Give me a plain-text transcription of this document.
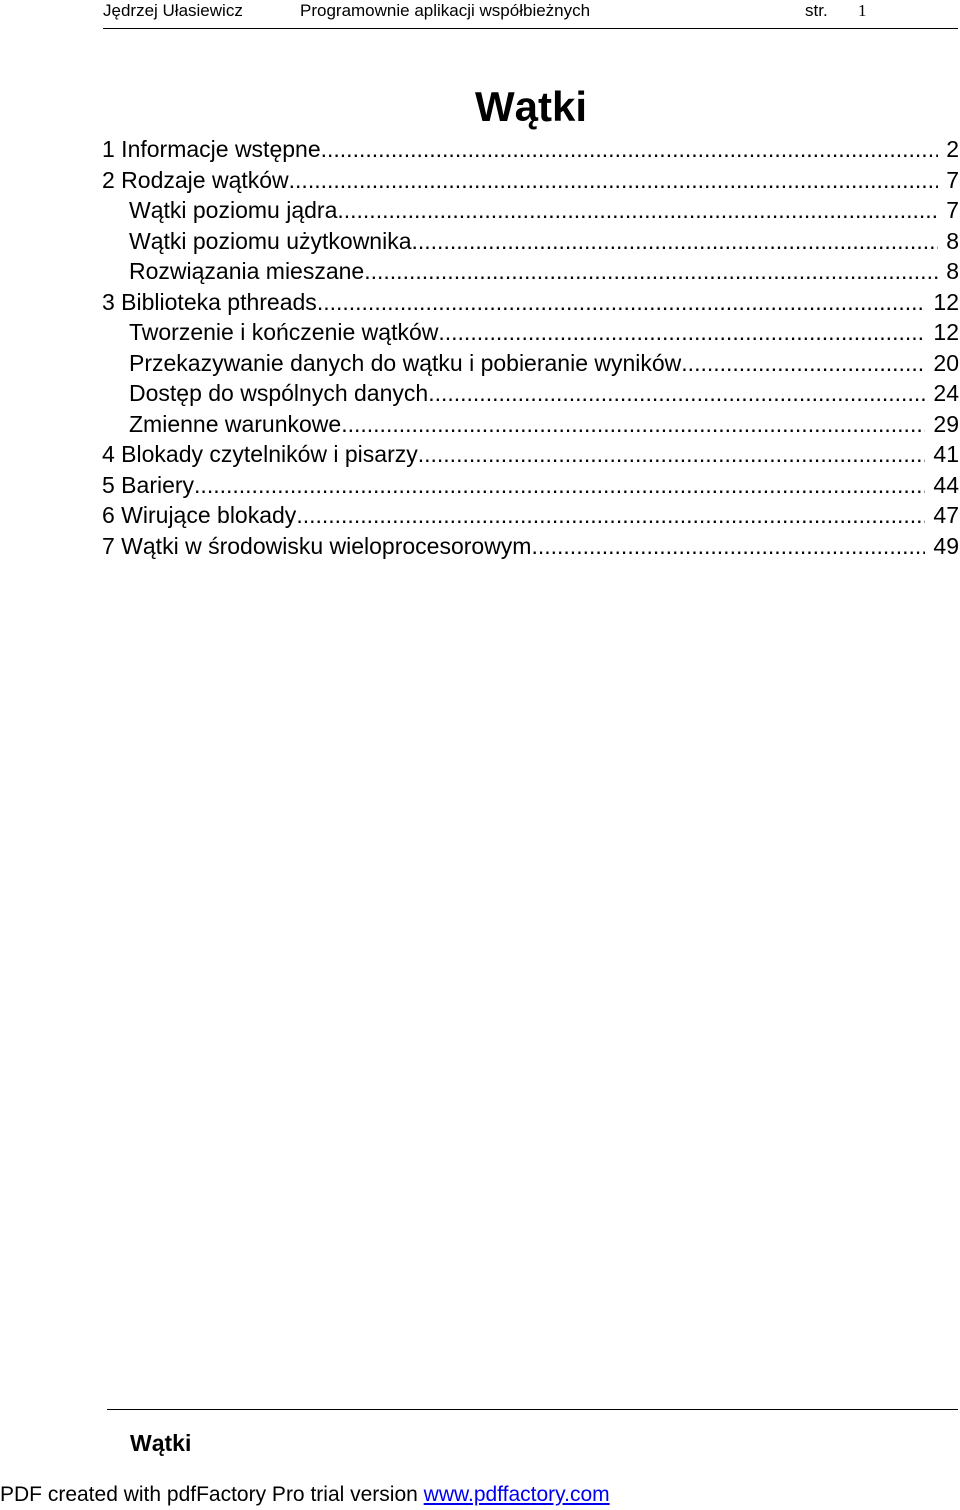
Jędrzej Ułasiewicz	Programownie aplikacji współbieżnych	str. 1
Wątki
1 Informacje wstępne .....	2
2 Rodzaje wątków .....	7
Wątki poziomu jądra .....	7
Wątki poziomu użytkownika .....	8
Rozwiązania mieszane .....	8
3 Biblioteka pthreads .....	12
Tworzenie i kończenie wątków .....	12
Przekazywanie danych do wątku i pobieranie wyników .....	20
Dostęp do wspólnych danych .....	24
Zmienne warunkowe .....	29
4 Blokady czytelników i pisarzy .....	41
5 Bariery .....	44
6 Wirujące blokady .....	47
7 Wątki w środowisku wieloprocesorowym .....	49
Wątki
PDF created with pdfFactory Pro trial version www.pdffactory.com
